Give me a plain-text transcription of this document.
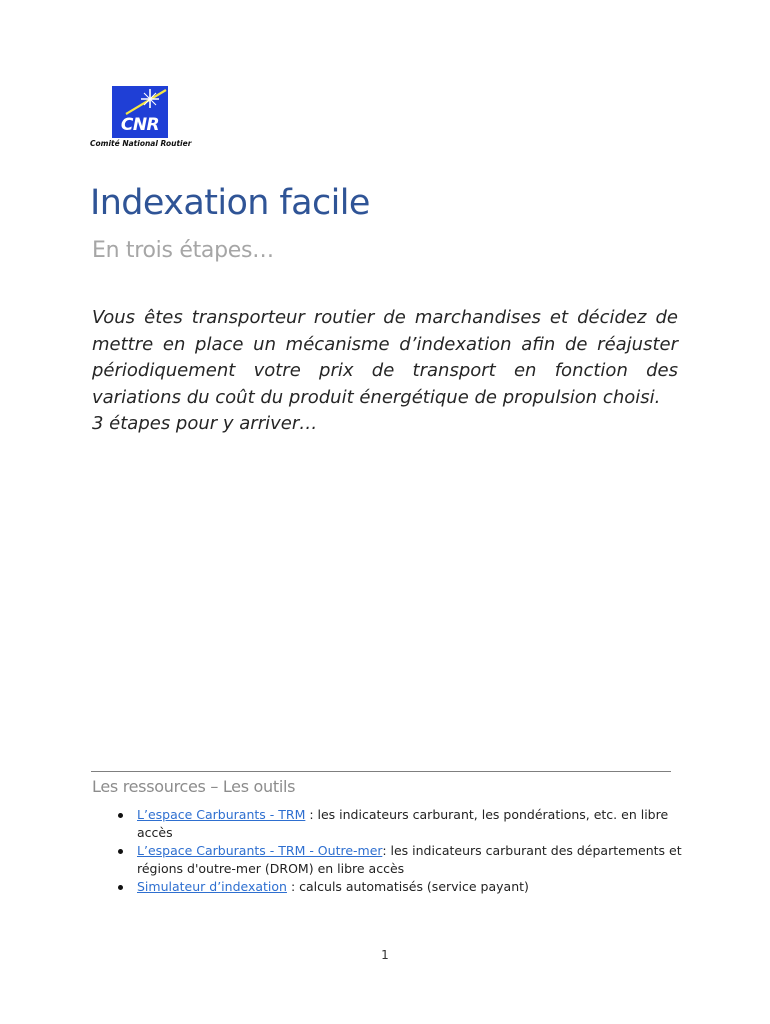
CNR
Comité National Routier
Indexation facile
En trois étapes…

Vous êtes transporteur routier de marchandises et décidez de mettre en place un mécanisme d’indexation afin de réajuster périodiquement votre prix de transport en fonction des variations du coût du produit énergétique de propulsion choisi.

3 étapes pour y arriver…

Les ressources – Les outils
L’espace Carburants - TRM : les indicateurs carburant, les pondérations, etc. en libre accès
L’espace Carburants - TRM - Outre-mer: les indicateurs carburant des départements et régions d'outre-mer (DROM) en libre accès
Simulateur d’indexation : calculs automatisés (service payant)
1
